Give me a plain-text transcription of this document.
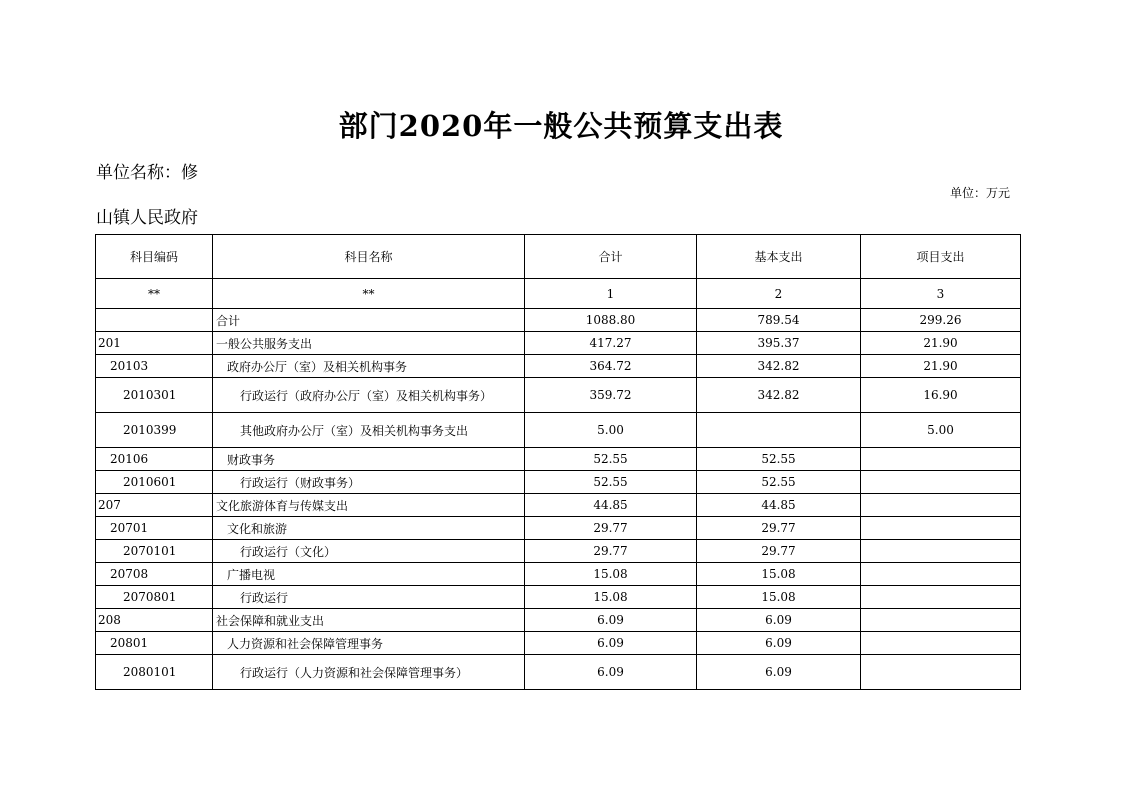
部门2020年一般公共预算支出表
单位名称：修
山镇人民政府
单位：万元
科目编码	科目名称	合计	基本支出	项目支出
**	**	1	2	3
	合计	1088.80	789.54	299.26
201	一般公共服务支出	417.27	395.37	21.90
20103	政府办公厅（室）及相关机构事务	364.72	342.82	21.90
2010301	行政运行（政府办公厅（室）及相关机构事务）	359.72	342.82	16.90
2010399	其他政府办公厅（室）及相关机构事务支出	5.00		5.00
20106	财政事务	52.55	52.55	
2010601	行政运行（财政事务）	52.55	52.55	
207	文化旅游体育与传媒支出	44.85	44.85	
20701	文化和旅游	29.77	29.77	
2070101	行政运行（文化）	29.77	29.77	
20708	广播电视	15.08	15.08	
2070801	行政运行	15.08	15.08	
208	社会保障和就业支出	6.09	6.09	
20801	人力资源和社会保障管理事务	6.09	6.09	
2080101	行政运行（人力资源和社会保障管理事务）	6.09	6.09	
